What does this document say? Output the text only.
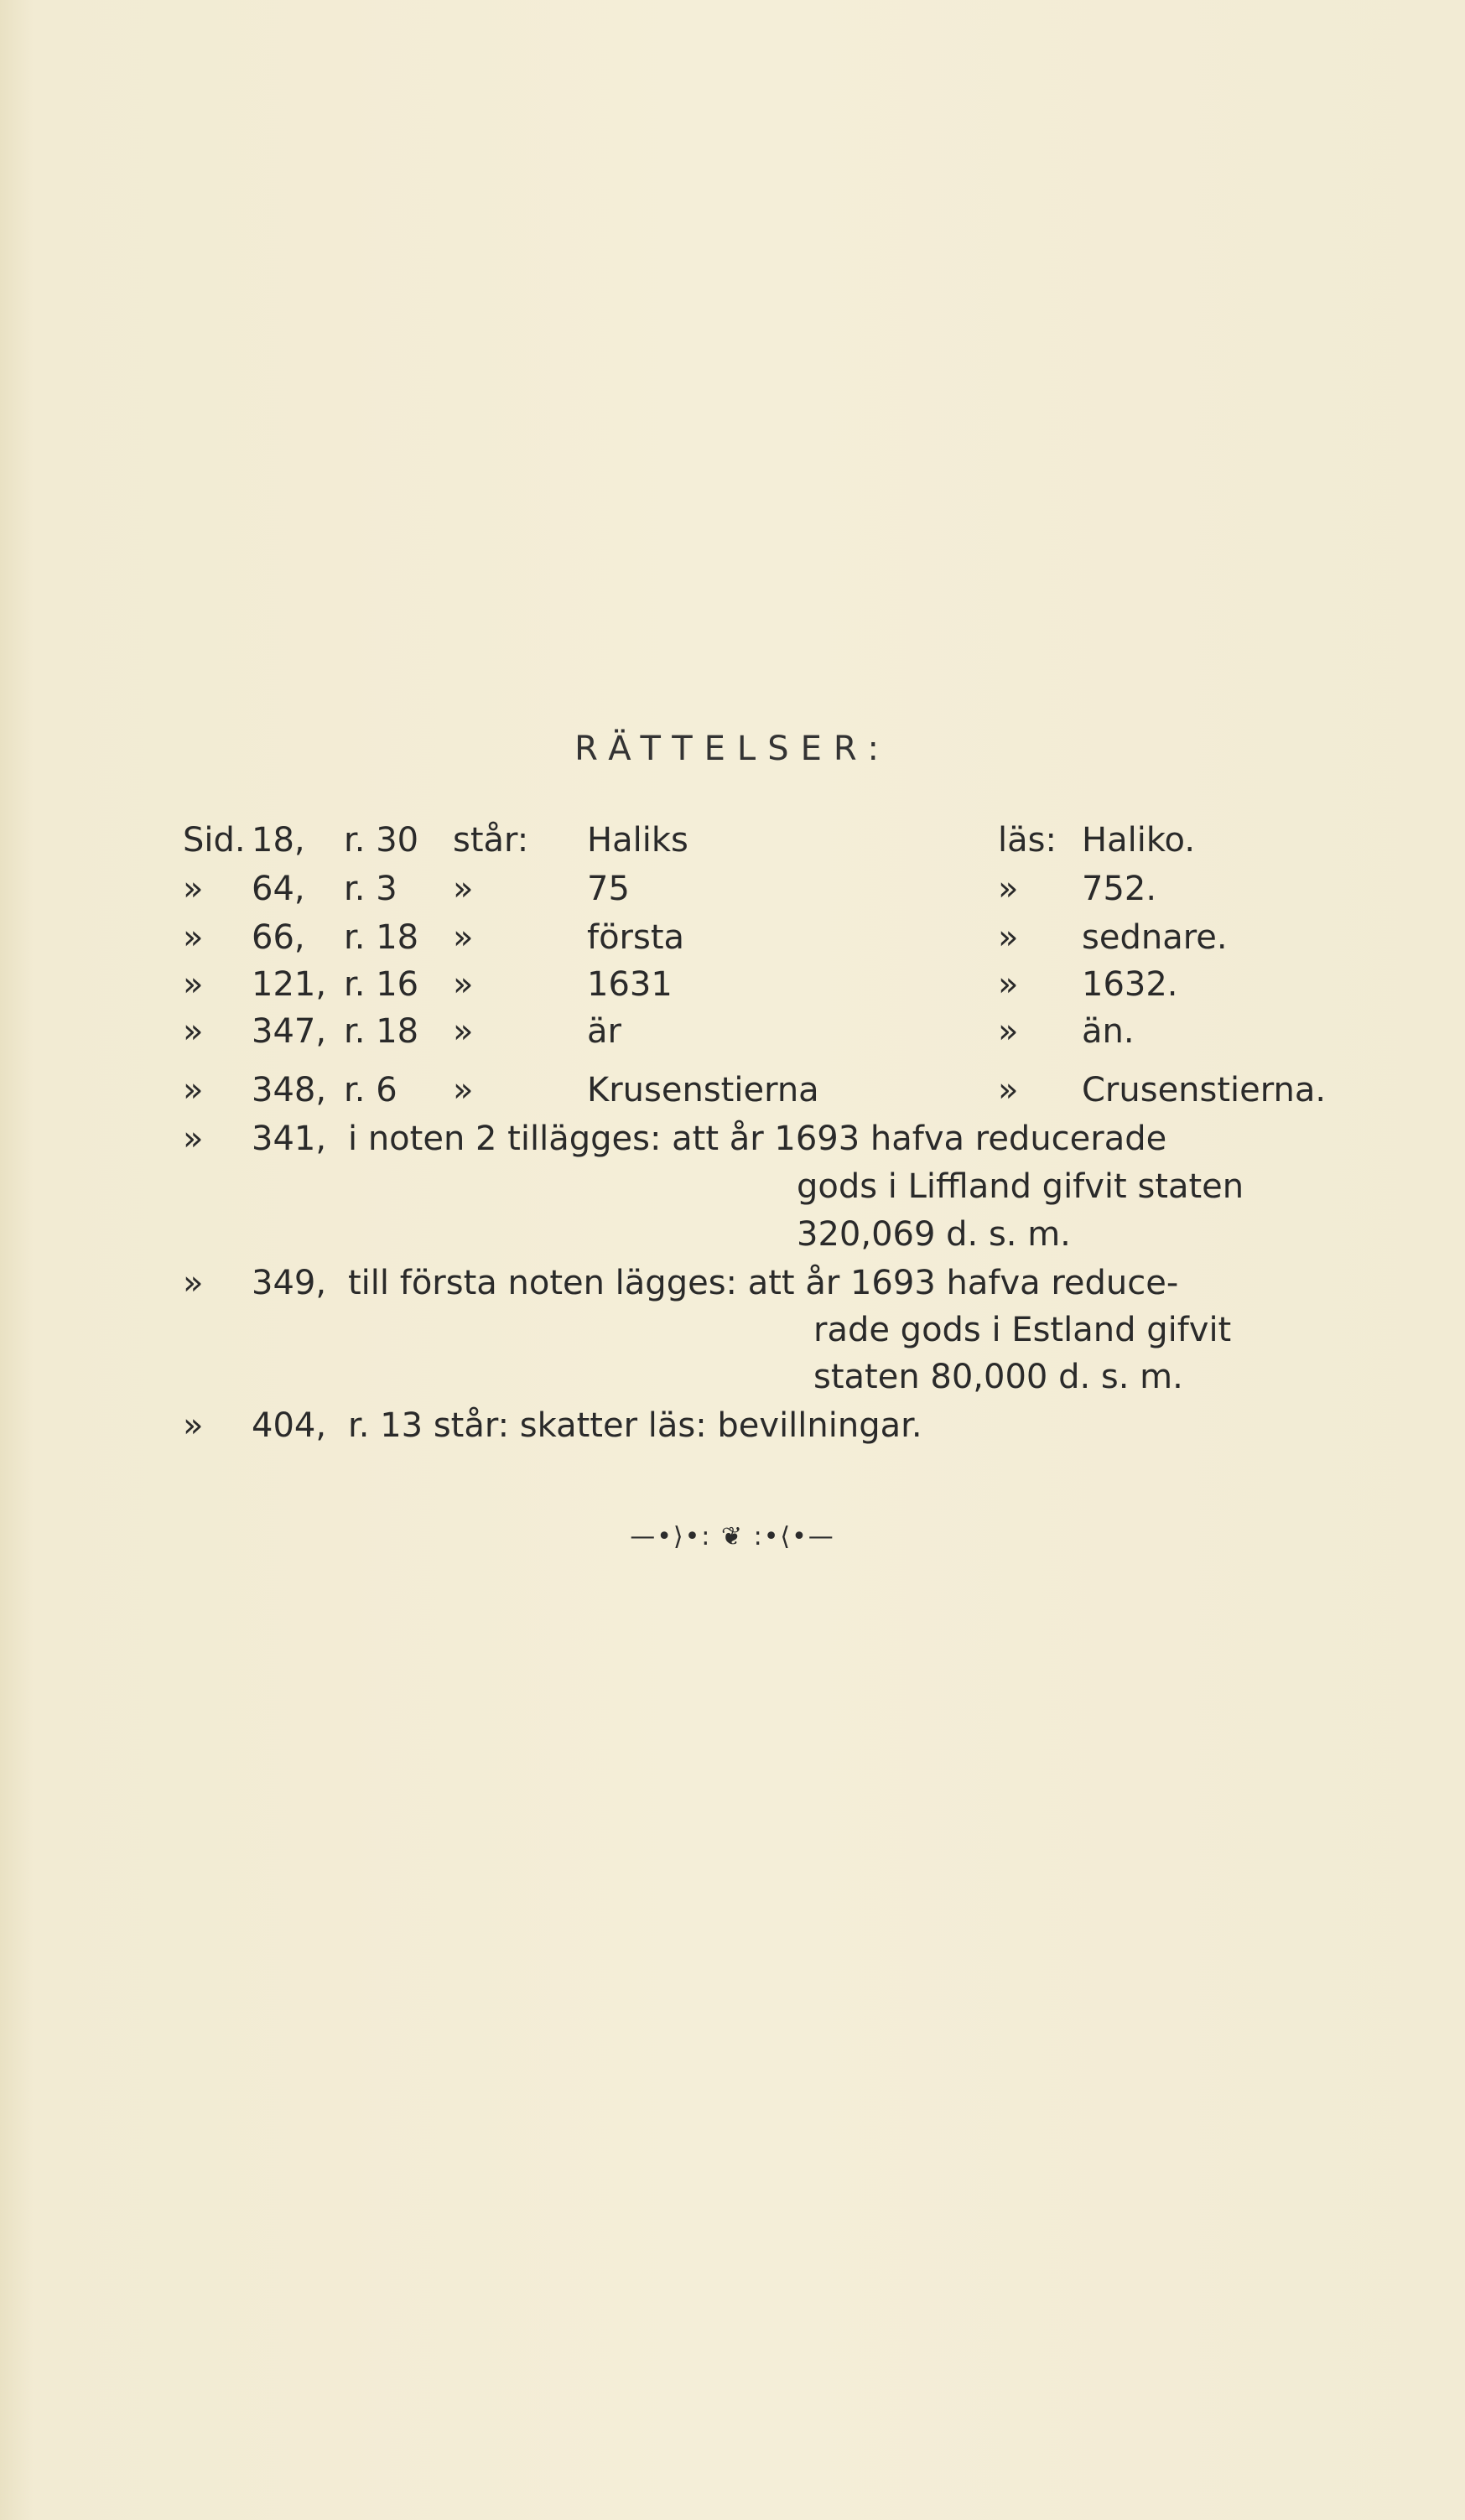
RÄTTELSER:
Sid. 18, r. 30 står: Haliks	läs: Haliko.
» 64, r. 3 »	75	» 752.
» 66, r. 18 »	första	» sednare.
» 121, r. 16 »	1631	» 1632.
» 347, r. 18 »	är	» än.
» 348, r. 6 »	Krusenstierna	» Crusenstierna.
» 341, i noten 2 tillägges: att år 1693 hafva reducerade
gods i Liffland gifvit staten
320,069 d. s. m.
» 349, till första noten lägges: att år 1693 hafva reduce-
rade gods i Estland gifvit
staten 80,000 d. s. m.
» 404, r. 13 står: skatter läs: bevillningar.
—•⟩•: ❦ :•⟨•—
